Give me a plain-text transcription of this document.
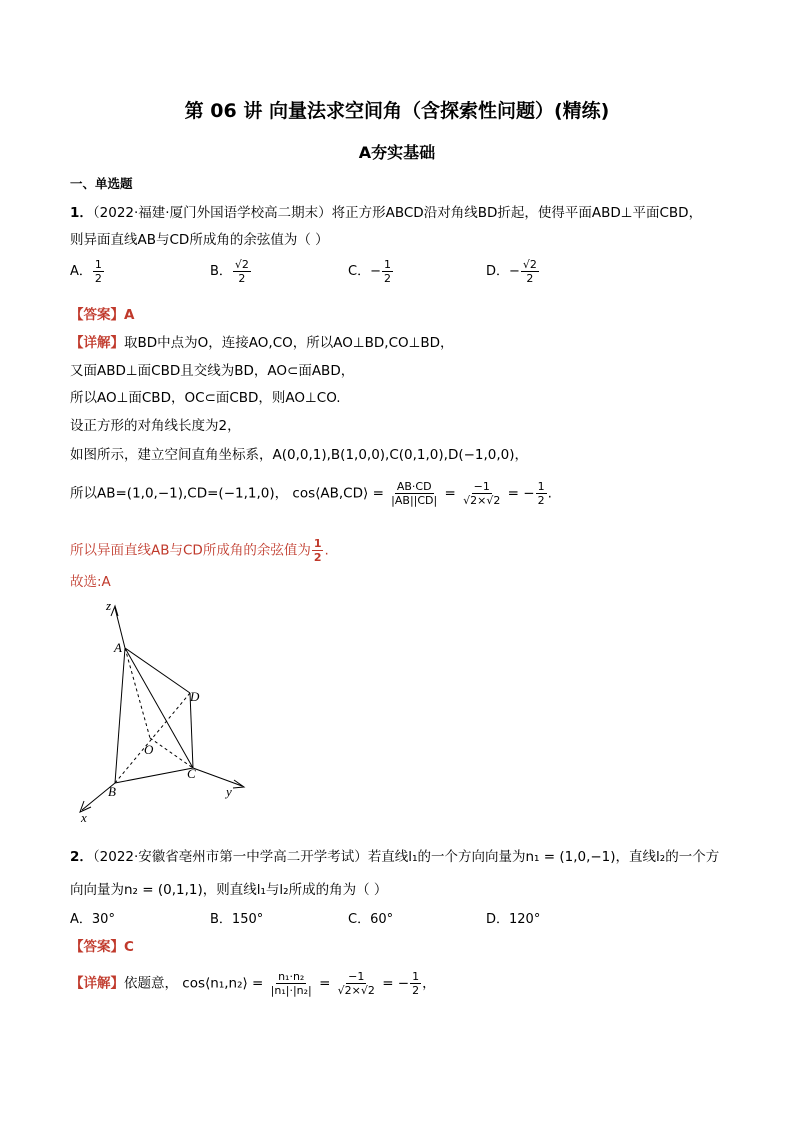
第 06 讲 向量法求空间角（含探索性问题）(精练)
A夯实基础
一、单选题
1．（2022·福建·厦门外国语学校高二期末）将正方形ABCD沿对角线BD折起，使得平面ABD⊥平面CBD，
则异面直线AB与CD所成角的余弦值为（ ）
A． $\frac{1}{2}$	B． $\frac{√2}{2}$	C．− $\frac{1}{2}$	D．− $\frac{√2}{2}$
【答案】A
【详解】取BD中点为O，连接AO,CO，所以AO⊥BD,CO⊥BD，
又面ABD⊥面CBD且交线为BD，AO⊂面ABD，
所以AO⊥面CBD，OC⊂面CBD，则AO⊥CO.
设正方形的对角线长度为2，
如图所示，建立空间直角坐标系，A(0,0,1),B(1,0,0),C(0,1,0),D(−1,0,0)，
所以AB=(1,0,−1),CD=(−1,1,0)， cos⟨AB,CD⟩ = $\frac{AB\cdot CD}{|AB||CD|} = \frac{-1}{√2\times√2}$ = − $\frac{1}{2}$ .
所以异面直线AB与CD所成角的余弦值为 $\frac{1}{2}$ .
故选:A
z
y
x
A
B
C
D
O
2．（2022·安徽省亳州市第一中学高二开学考试）若直线l₁的一个方向向量为n₁ = (1,0,−1)，直线l₂的一个方
向向量为n₂ = (0,1,1)，则直线l₁与l₂所成的角为（ ）
A．30°	B．150°	C．60°	D．120°
【答案】C
【详解】依题意， cos⟨n₁,n₂⟩ = $\frac{\text{n₁·n₂}}{\text{|n₁|·|n₂|}} = \frac{-1}{√2\times√2}$ = − $\frac{1}{2}$ ，
